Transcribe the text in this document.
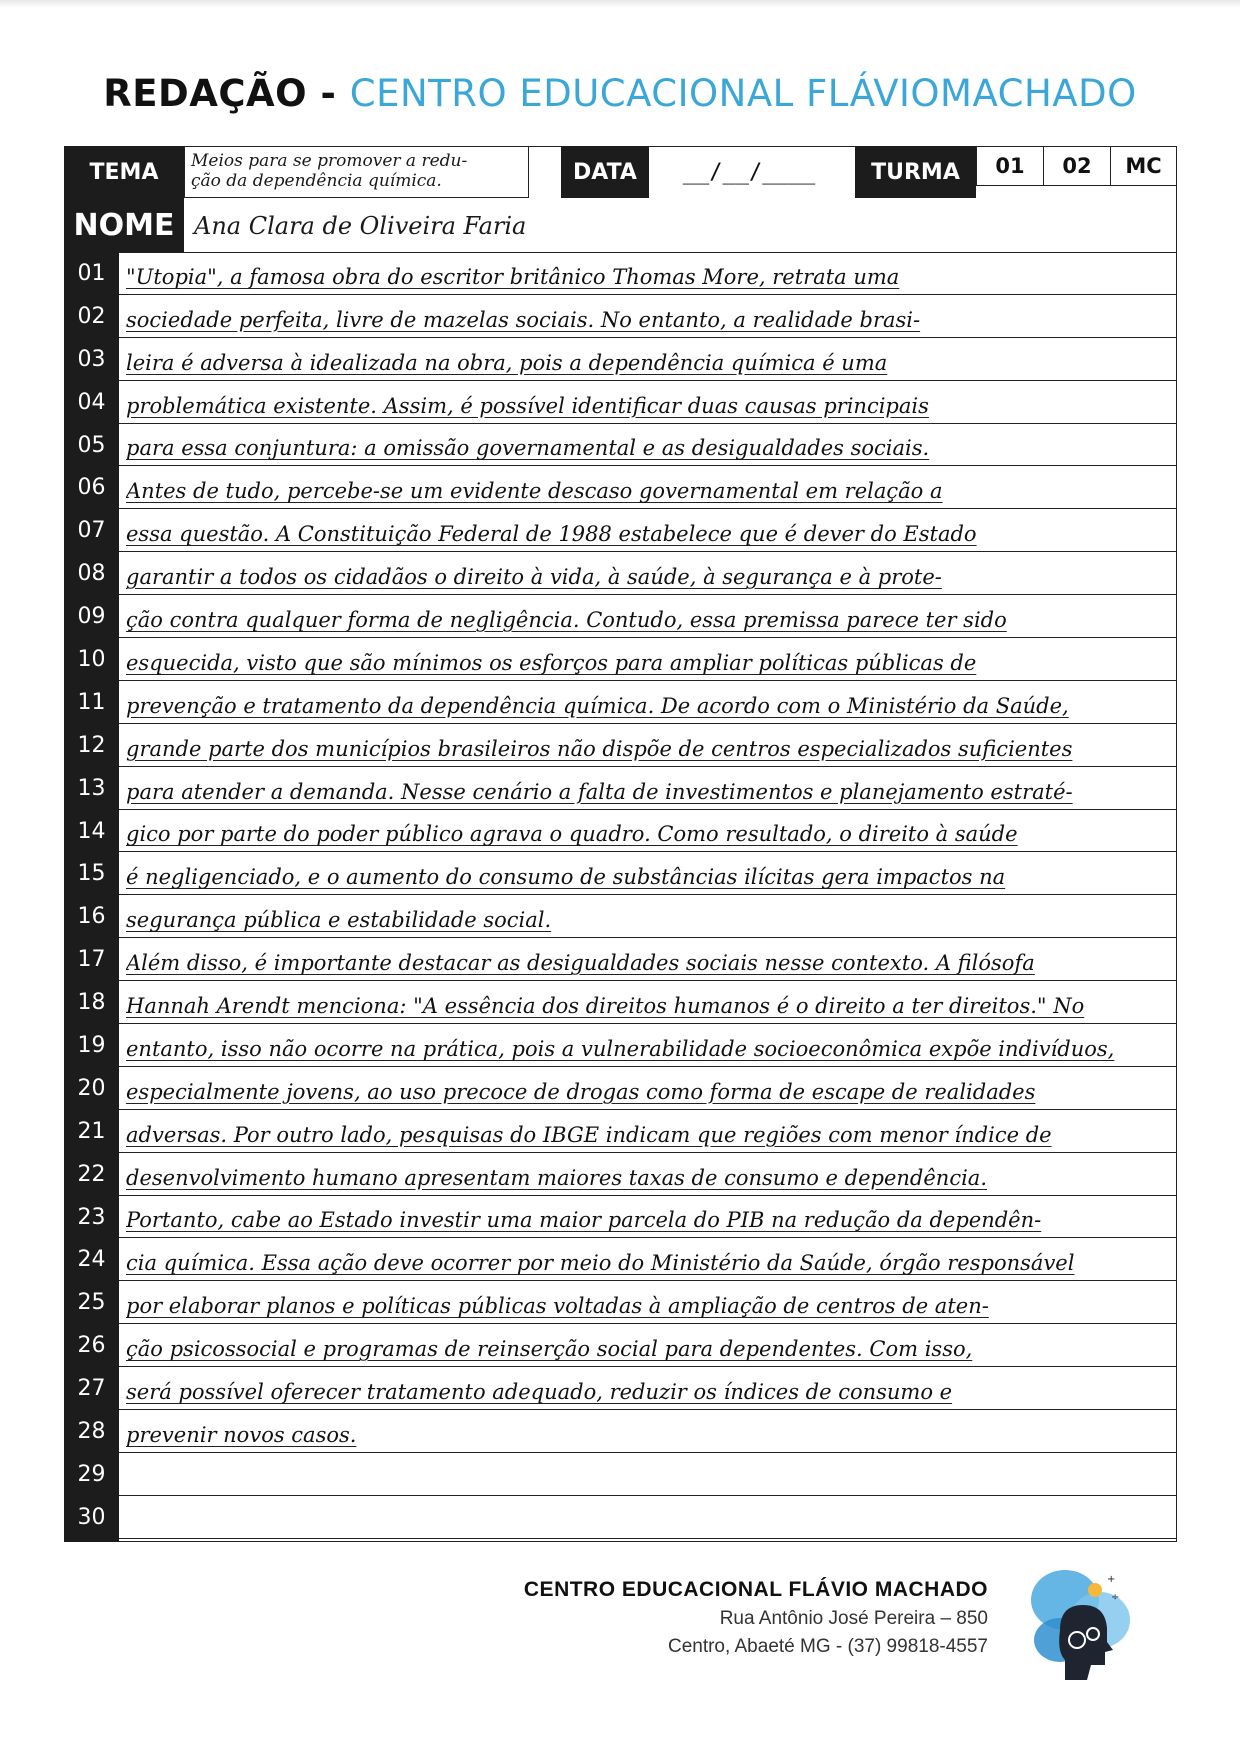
REDAÇÃO - CENTRO EDUCACIONAL FLÁVIOMACHADO
TEMA	Meios para se promover a redu-
ção da dependência química.	DATA	__/__/____	TURMA	01	02	MC
NOME Ana Clara de Oliveira Faria
01 "Utopia", a famosa obra do escritor britânico Thomas More, retrata uma
02 sociedade perfeita, livre de mazelas sociais. No entanto, a realidade brasi-
03 leira é adversa à idealizada na obra, pois a dependência química é uma
04 problemática existente. Assim, é possível identificar duas causas principais
05 para essa conjuntura: a omissão governamental e as desigualdades sociais.
06 Antes de tudo, percebe-se um evidente descaso governamental em relação a
07 essa questão. A Constituição Federal de 1988 estabelece que é dever do Estado
08 garantir a todos os cidadãos o direito à vida, à saúde, à segurança e à prote-
09 ção contra qualquer forma de negligência. Contudo, essa premissa parece ter sido
10 esquecida, visto que são mínimos os esforços para ampliar políticas públicas de
11 prevenção e tratamento da dependência química. De acordo com o Ministério da Saúde,
12 grande parte dos municípios brasileiros não dispõe de centros especializados suficientes
13 para atender a demanda. Nesse cenário a falta de investimentos e planejamento estraté-
14 gico por parte do poder público agrava o quadro. Como resultado, o direito à saúde
15 é negligenciado, e o aumento do consumo de substâncias ilícitas gera impactos na
16 segurança pública e estabilidade social.
17 Além disso, é importante destacar as desigualdades sociais nesse contexto. A filósofa
18 Hannah Arendt menciona: "A essência dos direitos humanos é o direito a ter direitos." No
19 entanto, isso não ocorre na prática, pois a vulnerabilidade socioeconômica expõe indivíduos,
20 especialmente jovens, ao uso precoce de drogas como forma de escape de realidades
21 adversas. Por outro lado, pesquisas do IBGE indicam que regiões com menor índice de
22 desenvolvimento humano apresentam maiores taxas de consumo e dependência.
23 Portanto, cabe ao Estado investir uma maior parcela do PIB na redução da dependên-
24 cia química. Essa ação deve ocorrer por meio do Ministério da Saúde, órgão responsável
25 por elaborar planos e políticas públicas voltadas à ampliação de centros de aten-
26 ção psicossocial e programas de reinserção social para dependentes. Com isso,
27 será possível oferecer tratamento adequado, reduzir os índices de consumo e
28 prevenir novos casos.
29
30
CENTRO EDUCACIONAL FLÁVIO MACHADO
Rua Antônio José Pereira – 850
Centro, Abaeté MG - (37) 99818-4557
+
÷
